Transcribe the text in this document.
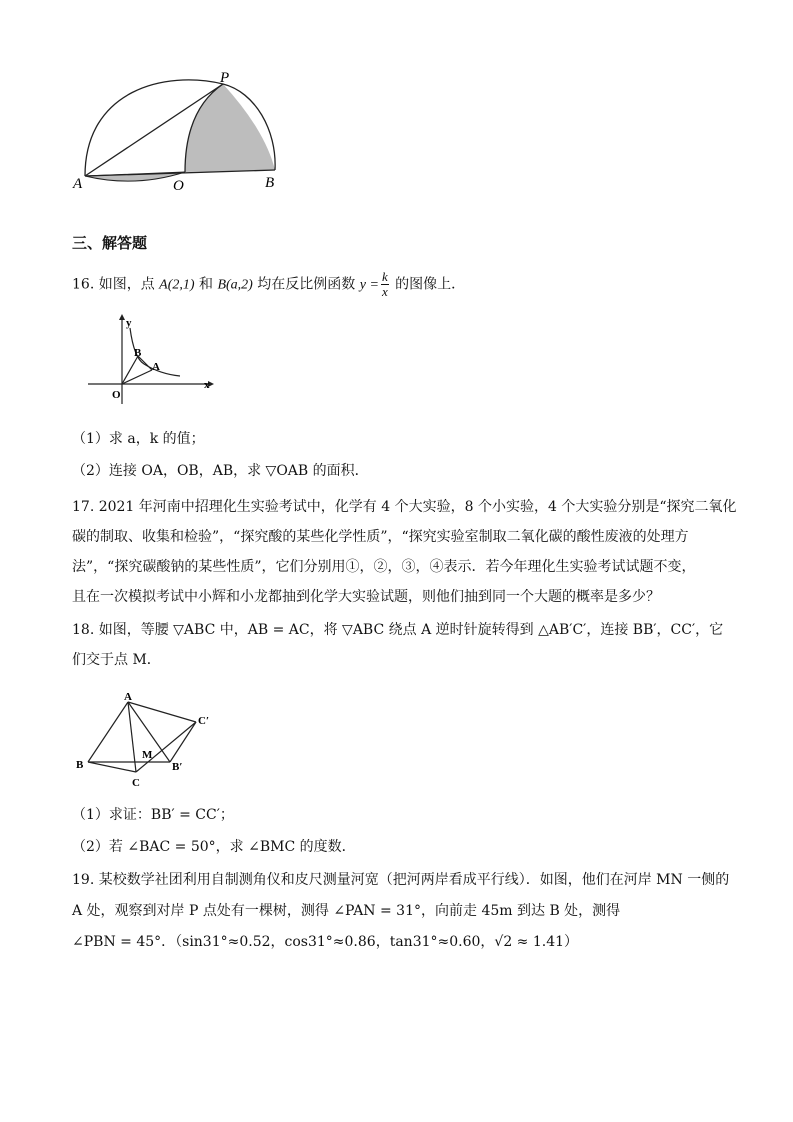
P
A	O	B
三、解答题
16. 如图，点 A(2,1) 和 B(a,2) 均在反比例函数 $y = \frac{k}{x}$ 的图像上．
y
x
O
B
A
（1）求 a，k 的值；
（2）连接 OA，OB，AB，求 ▽OAB 的面积．
17. 2021 年河南中招理化生实验考试中，化学有 4 个大实验，8 个小实验，4 个大实验分别是“探究二氧化
碳的制取、收集和检验”，“探究酸的某些化学性质”，“探究实验室制取二氧化碳的酸性废液的处理方
法”，“探究碳酸钠的某些性质”，它们分别用①，②，③，④表示．若今年理化生实验考试试题不变，
且在一次模拟考试中小辉和小龙都抽到化学大实验试题，则他们抽到同一个大题的概率是多少？
18. 如图，等腰 ▽ABC 中，AB = AC，将 ▽ABC 绕点 A 逆时针旋转得到 △AB′C′，连接 BB′，CC′，它
们交于点 M．
A
B
C
M
B′
C′
（1）求证：BB′ = CC′；
（2）若 ∠BAC = 50°，求 ∠BMC 的度数．
19. 某校数学社团利用自制测角仪和皮尺测量河宽（把河两岸看成平行线）．如图，他们在河岸 MN 一侧的
A 处，观察到对岸 P 点处有一棵树，测得 ∠PAN = 31°，向前走 45m 到达 B 处，测得
∠PBN = 45°．（sin31°≈0.52，cos31°≈0.86，tan31°≈0.60，√2 ≈ 1.41）
